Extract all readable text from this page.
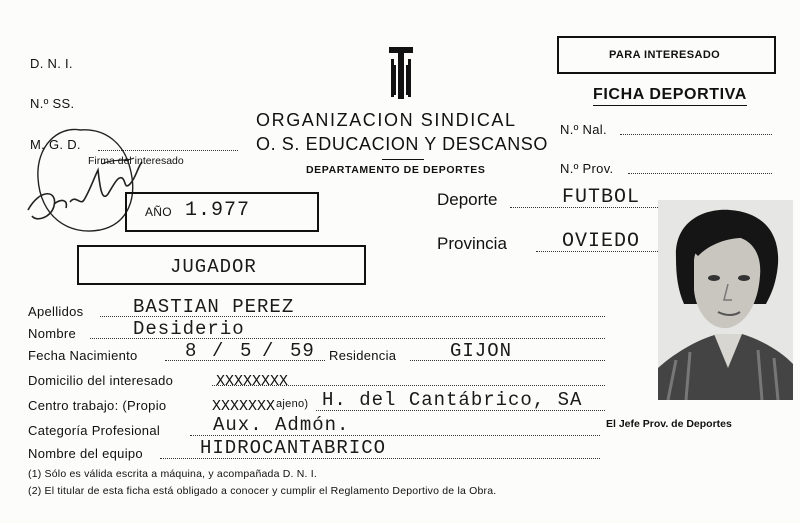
D. N. I.
N.º SS.
M. G. D.
Firma del interesado
AÑO 1.977
ORGANIZACION SINDICAL
O. S. EDUCACION Y DESCANSO
DEPARTAMENTO DE DEPORTES
PARA INTERESADO
FICHA DEPORTIVA
N.º Nal.
N.º Prov.
Deporte	FUTBOL
Provincia	OVIEDO
JUGADOR
Apellidos	BASTIAN PEREZ
Nombre	Desiderio
Fecha Nacimiento 8 / 5 / 59 Residencia	GIJON
Domicilio del interesado	XXXXXXXX
Centro trabajo: (Propio	XXXXXXX ajeno) H. del Cantábrico, SA
Categoría Profesional	Aux. Admón.
Nombre del equipo	HIDROCANTABRICO
El Jefe Prov. de Deportes
(1) Sólo es válida escrita a máquina, y acompañada D. N. I.
(2) El titular de esta ficha está obligado a conocer y cumplir el Reglamento Deportivo de la Obra.
